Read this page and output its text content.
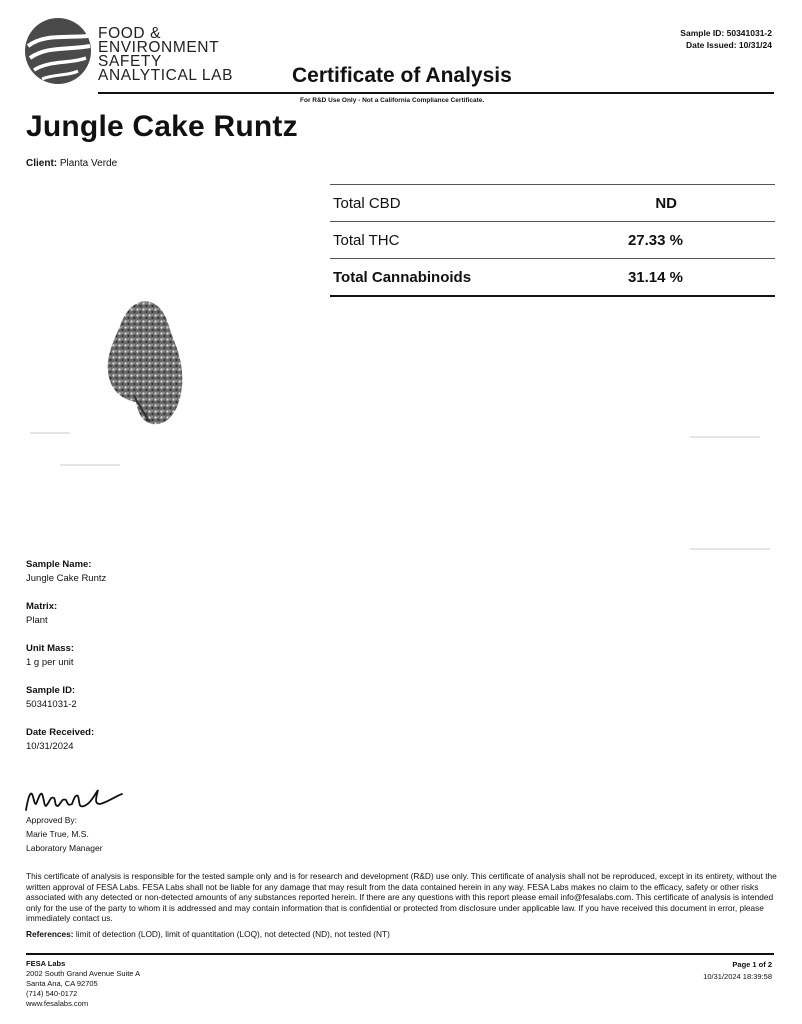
FOOD &
ENVIRONMENT
SAFETY
ANALYTICAL LAB	Certificate of Analysis
Sample ID: 50341031-2
Date Issued: 10/31/24
For R&D Use Only - Not a California Compliance Certificate.
Jungle Cake Runtz
Client: Planta Verde
Total CBD	ND
Total THC	27.33 %
Total Cannabinoids	31.14 %
Sample Name:
Jungle Cake Runtz
Matrix:
Plant
Unit Mass:
1 g per unit
Sample ID:
50341031-2
Date Received:
10/31/2024
Approved By:
Marie True, M.S.
Laboratory Manager
This certificate of analysis is responsible for the tested sample only and is for research and development (R&D) use only. This certificate of analysis shall not be reproduced, except in its entirety, without the written approval of FESA Labs. FESA Labs shall not be liable for any damage that may result from the data contained herein in any way. FESA Labs makes no claim to the efficacy, safety or other risks associated with any detected or non-detected amounts of any substances reported herein. If there are any questions with this report please email info@fesalabs.com. This certificate of analysis is intended only for the use of the party to whom it is addressed and may contain information that is confidential or protected from disclosure under applicable law. If you have received this document in error, please immediately contact us.
References: limit of detection (LOD), limit of quantitation (LOQ), not detected (ND), not tested (NT)
FESA Labs
2002 South Grand Avenue Suite A
Santa Ana, CA 92705
(714) 540-0172
www.fesalabs.com
Page 1 of 2
10/31/2024 18:39:58
